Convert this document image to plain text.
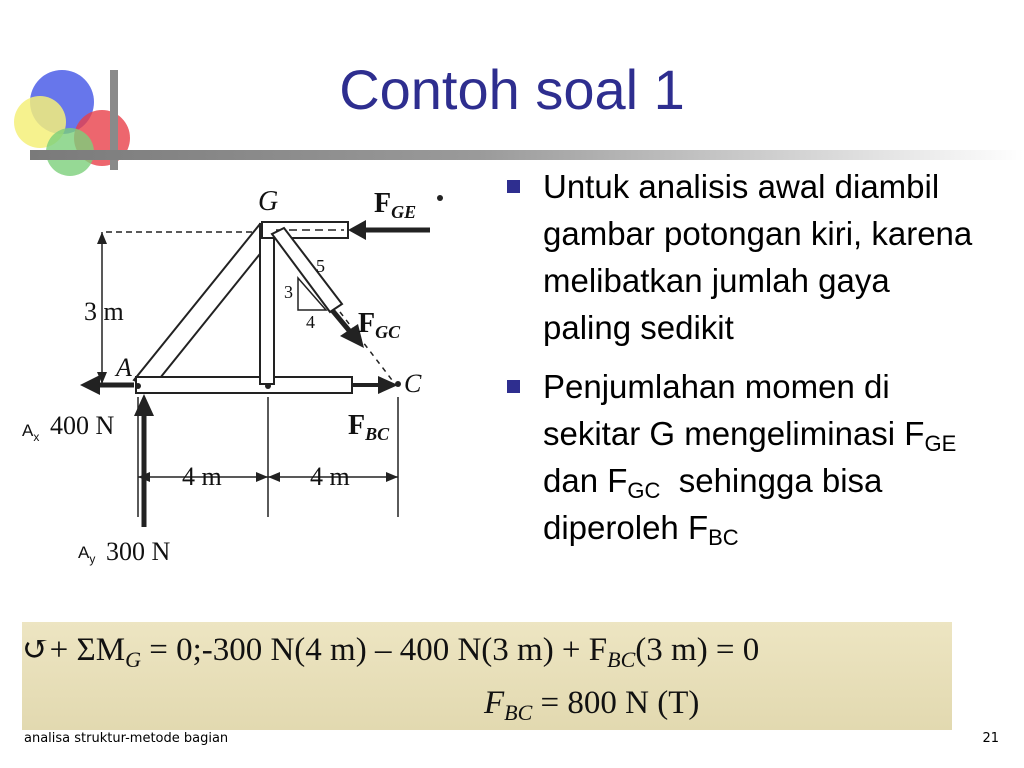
Contoh soal 1
G
A
C
$F_{GE}$
$F_{GC}$
$F_{BC}$
5
3
4
3 m
4 m	4 m
400 N
300 N
$A_x$
$A_y$
Untuk analisis awal diambil gambar potongan kiri, karena melibatkan jumlah gaya paling sedikit
Penjumlahan momen di sekitar G mengeliminasi $F_{GE}$ dan $F_{GC}$  sehingga bisa diperoleh $F_{BC}$
↺+ $\Sigma M_G$ = 0;-300 N(4 m) – 400 N(3 $m) + F_{BC}(3$ m) = 0
$F_{BC} = 800$ N (T)
analisa struktur-metode bagian	21
